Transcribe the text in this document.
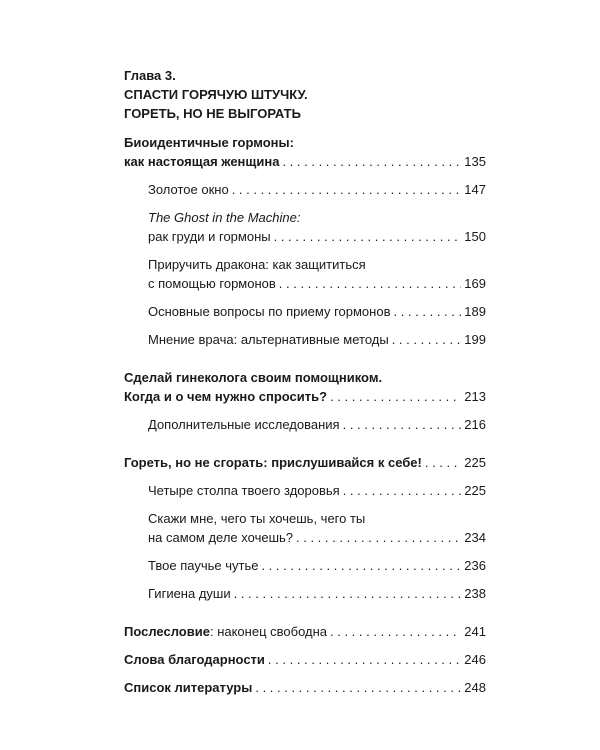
Глава 3.
СПАСТИ ГОРЯЧУЮ ШТУЧКУ.
ГОРЕТЬ, НО НЕ ВЫГОРАТЬ
Биоидентичные гормоны:
как настоящая женщина . . .	135
Золотое окно . . .	147
The Ghost in the Machine:
рак груди и гормоны . . .	150
Приручить дракона: как защититься
с помощью гормонов . . .	169
Основные вопросы по приему гормонов . . .	189
Мнение врача: альтернативные методы . . .	199
Сделай гинеколога своим помощником.
Когда и о чем нужно спросить? . . .	213
Дополнительные исследования . . .	216
Гореть, но не сгорать: прислушивайся к себе! . . .	225
Четыре столпа твоего здоровья . . .	225
Скажи мне, чего ты хочешь, чего ты
на самом деле хочешь? . . .	234
Твое паучье чутье . . .	236
Гигиена души . . .	238
Послесловие: наконец свободна . . .	241
Слова благодарности . . .	246
Список литературы . . .	248
